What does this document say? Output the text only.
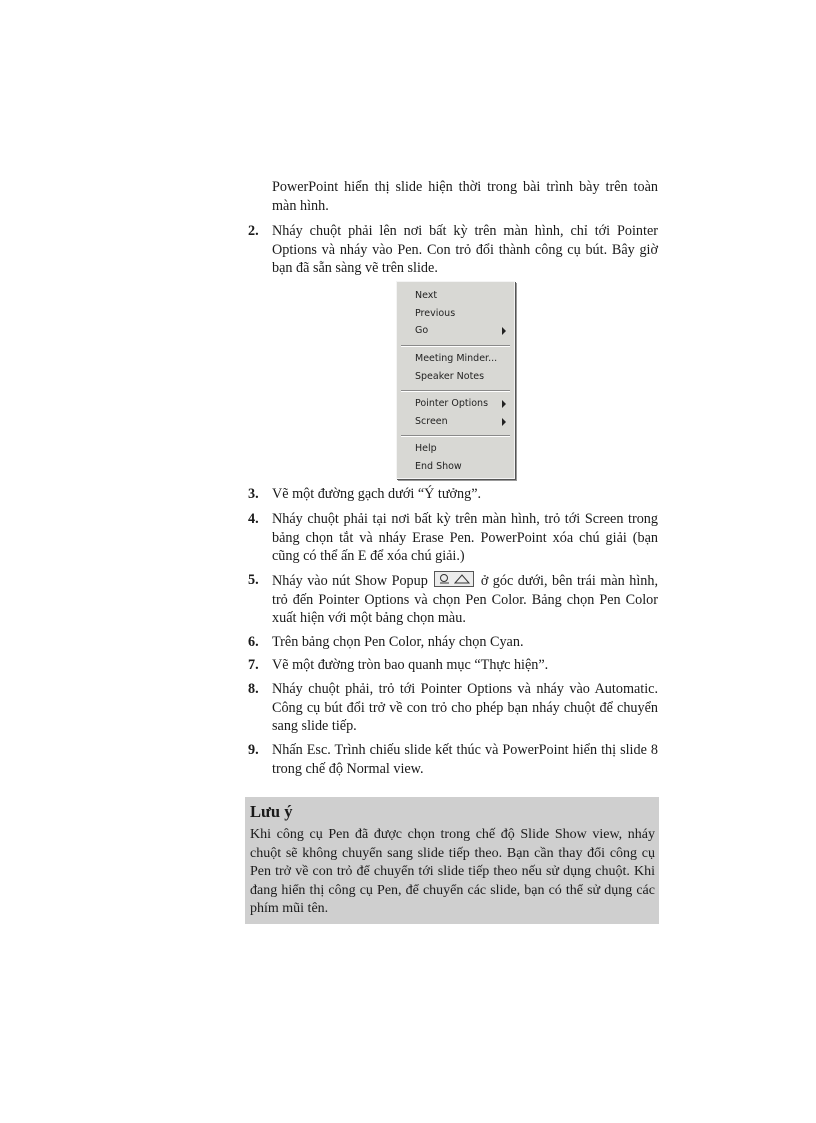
PowerPoint hiển thị slide hiện thời trong bài trình bày trên toàn màn hình.

2. Nháy chuột phải lên nơi bất kỳ trên màn hình, chỉ tới Pointer Options và nháy vào Pen. Con trỏ đổi thành công cụ bút. Bây giờ bạn đã sẵn sàng vẽ trên slide.
Next
Previous
Go
Meeting Minder...
Speaker Notes
Pointer Options
Screen
Help
End Show
3. Vẽ một đường gạch dưới “Ý tưởng”.
4. Nháy chuột phải tại nơi bất kỳ trên màn hình, trỏ tới Screen trong bảng chọn tắt và nháy Erase Pen. PowerPoint xóa chú giải (bạn cũng có thể ấn E để xóa chú giải.)
5. Nháy vào nút Show Popup	ở góc dưới, bên trái màn hình, trỏ đến Pointer Options và chọn Pen Color. Bảng chọn Pen Color xuất hiện với một bảng chọn màu.
6. Trên bảng chọn Pen Color, nháy chọn Cyan.
7. Vẽ một đường tròn bao quanh mục “Thực hiện”.
8. Nháy chuột phải, trỏ tới Pointer Options và nháy vào Automatic. Công cụ bút đổi trở về con trỏ cho phép bạn nháy chuột để chuyển sang slide tiếp.
9. Nhấn Esc. Trình chiếu slide kết thúc và PowerPoint hiển thị slide 8 trong chế độ Normal view.

Lưu ý

Khi công cụ Pen đã được chọn trong chế độ Slide Show view, nháy chuột sẽ không chuyển sang slide tiếp theo. Bạn cần thay đổi công cụ Pen trở về con trỏ để chuyển tới slide tiếp theo nếu sử dụng chuột. Khi đang hiển thị công cụ Pen, để chuyển các slide, bạn có thể sử dụng các phím mũi tên.
